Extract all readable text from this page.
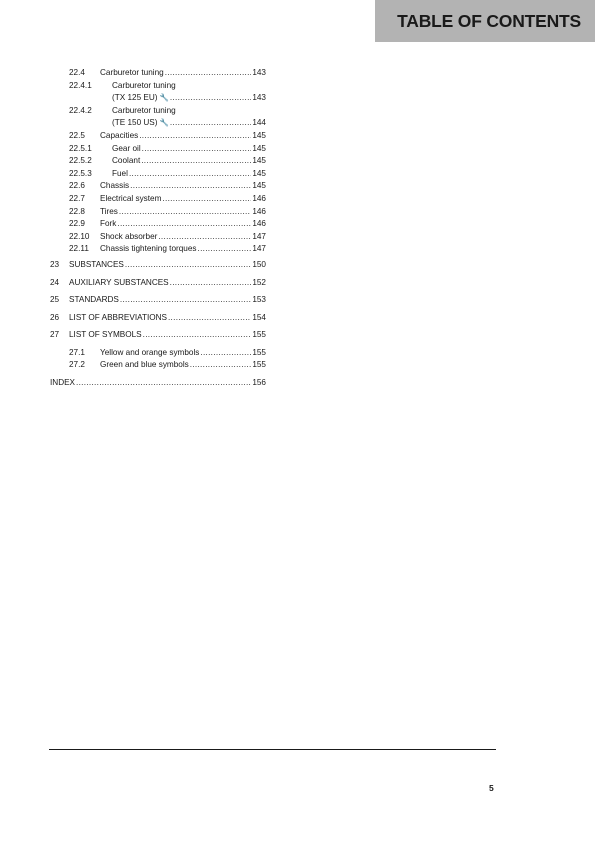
TABLE OF CONTENTS
22.4	Carburetor tuning .....	143
22.4.1	Carburetor tuning
(TX 125 EU) 🔧 .....	143
22.4.2	Carburetor tuning
(TE 150 US) 🔧 .....	144
22.5	Capacities .....	145
22.5.1	Gear oil .....	145
22.5.2	Coolant .....	145
22.5.3	Fuel .....	145
22.6	Chassis .....	145
22.7	Electrical system .....	146
22.8	Tires .....	146
22.9	Fork .....	146
22.10	Shock absorber .....	147
22.11	Chassis tightening torques .....	147
23	SUBSTANCES .....	150
24	AUXILIARY SUBSTANCES .....	152
25	STANDARDS .....	153
26	LIST OF ABBREVIATIONS .....	154
27	LIST OF SYMBOLS .....	155
27.1	Yellow and orange symbols .....	155
27.2	Green and blue symbols .....	155
INDEX .....	156
5
